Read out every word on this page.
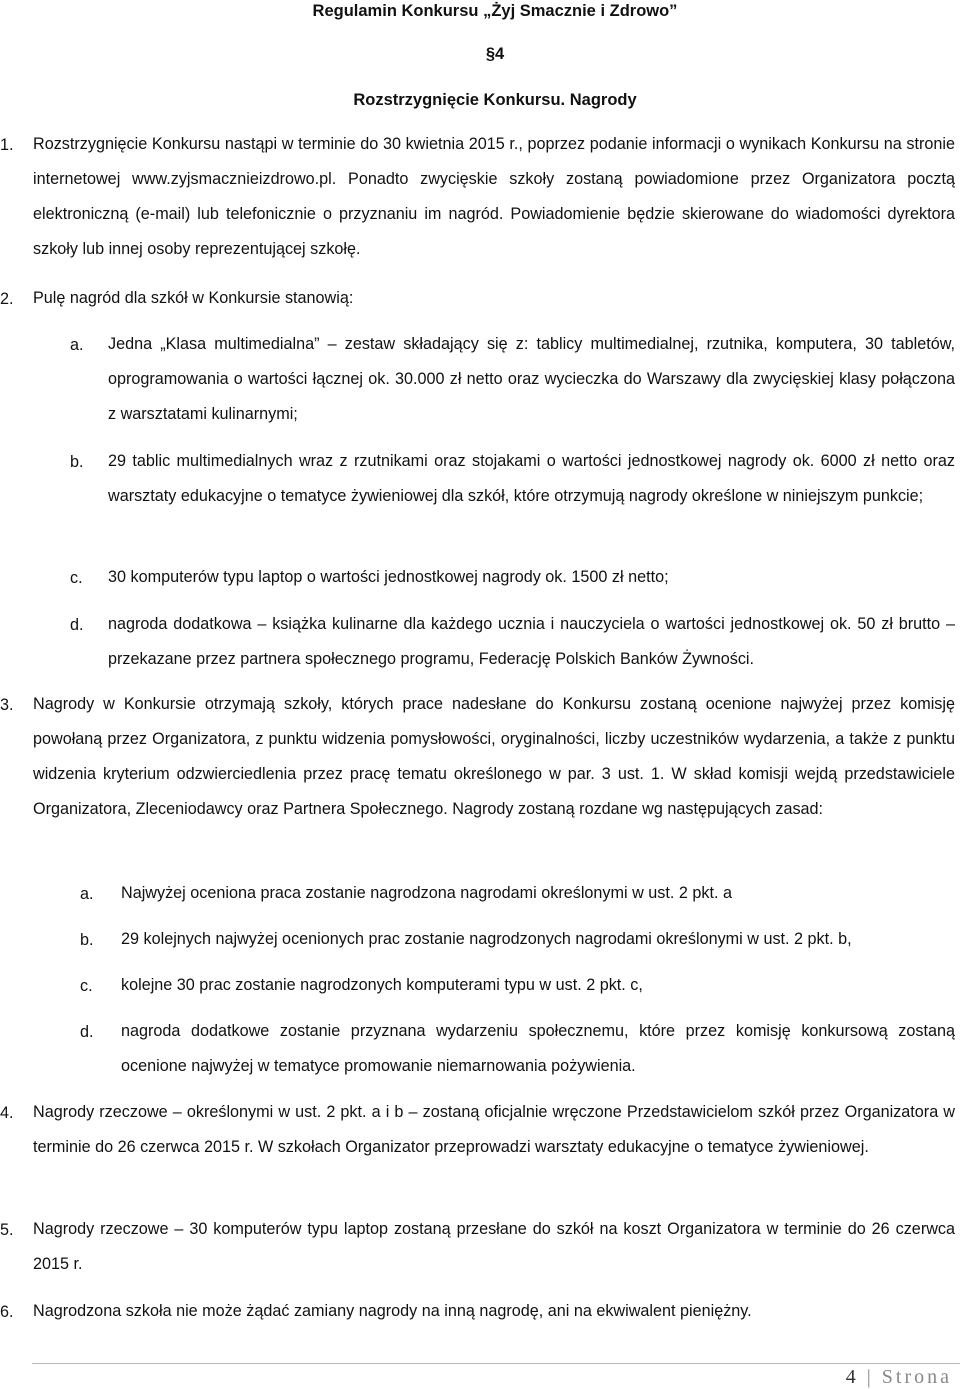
Regulamin Konkursu „Żyj Smacznie i Zdrowo”
§4
Rozstrzygnięcie Konkursu. Nagrody
1.	Rozstrzygnięcie Konkursu nastąpi w terminie do 30 kwietnia 2015 r., poprzez podanie informacji o wynikach Konkursu na stronie internetowej www.zyjsmacznieizdrowo.pl. Ponadto zwycięskie szkoły zostaną powiadomione przez Organizatora pocztą elektroniczną (e-mail) lub telefonicznie o przyznaniu im nagród. Powiadomienie będzie skierowane do wiadomości dyrektora szkoły lub innej osoby reprezentującej szkołę.
2.	Pulę nagród dla szkół w Konkursie stanowią:
a. Jedna „Klasa multimedialna” – zestaw składający się z: tablicy multimedialnej, rzutnika, komputera, 30 tabletów, oprogramowania o wartości łącznej ok. 30.000 zł netto oraz wycieczka do Warszawy dla zwycięskiej klasy połączona z warsztatami kulinarnymi;
b. 29 tablic multimedialnych wraz z rzutnikami oraz stojakami o wartości jednostkowej nagrody ok. 6000 zł netto oraz warsztaty edukacyjne o tematyce żywieniowej dla szkół, które otrzymują nagrody określone w niniejszym punkcie;
c. 30 komputerów typu laptop o wartości jednostkowej nagrody ok. 1500 zł netto;
d. nagroda dodatkowa – książka kulinarne dla każdego ucznia i nauczyciela o wartości jednostkowej ok. 50 zł brutto – przekazane przez partnera społecznego programu, Federację Polskich Banków Żywności.
3.	Nagrody w Konkursie otrzymają szkoły, których prace nadesłane do Konkursu zostaną ocenione najwyżej przez komisję powołaną przez Organizatora, z punktu widzenia pomysłowości, oryginalności, liczby uczestników wydarzenia, a także z punktu widzenia kryterium odzwierciedlenia przez pracę tematu określonego w par. 3 ust. 1. W skład komisji wejdą przedstawiciele Organizatora, Zleceniodawcy oraz Partnera Społecznego. Nagrody zostaną rozdane wg następujących zasad:
a. Najwyżej oceniona praca zostanie nagrodzona nagrodami określonymi w ust. 2 pkt. a
b. 29 kolejnych najwyżej ocenionych prac zostanie nagrodzonych nagrodami określonymi w ust. 2 pkt. b,
c. kolejne 30 prac zostanie nagrodzonych komputerami typu w ust. 2 pkt. c,
d. nagroda dodatkowe zostanie przyznana wydarzeniu społecznemu, które przez komisję konkursową zostaną ocenione najwyżej w tematyce promowanie niemarnowania pożywienia.
4.	Nagrody rzeczowe – określonymi w ust. 2 pkt. a i b – zostaną oficjalnie wręczone Przedstawicielom szkół przez Organizatora w terminie do 26 czerwca 2015 r. W szkołach Organizator przeprowadzi warsztaty edukacyjne o tematyce żywieniowej.
5.	Nagrody rzeczowe – 30 komputerów typu laptop zostaną przesłane do szkół na koszt Organizatora w terminie do 26 czerwca 2015 r.
6.	Nagrodzona szkoła nie może żądać zamiany nagrody na inną nagrodę, ani na ekwiwalent pieniężny.
4 | Strona
